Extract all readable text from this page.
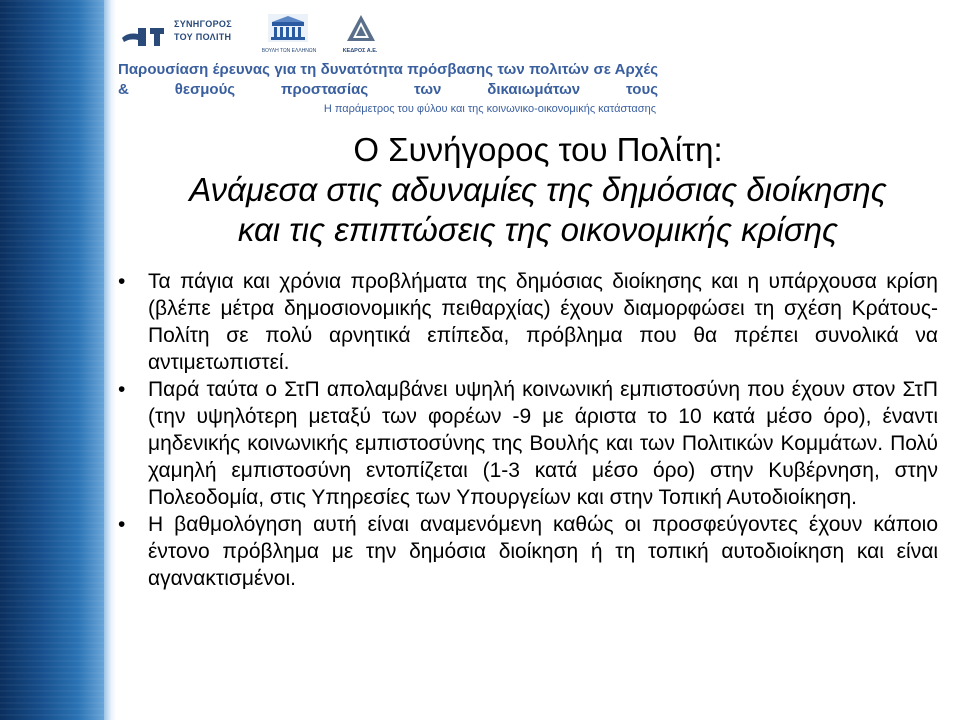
ΣΥΝΗΓΟΡΟΣ
ΤΟΥ ΠΟΛΙΤΗ
ΒΟΥΛΗ ΤΩΝ ΕΛΛΗΝΩΝ	ΚΕΔΡΟΣ Α.Ε.
Παρουσίαση έρευνας για τη δυνατότητα πρόσβασης των πολιτών σε Αρχές & θεσμούς προστασίας των δικαιωμάτων τους
Η παράμετρος του φύλου και της κοινωνικο-οικονομικής κατάστασης
Ο Συνήγορος του Πολίτη:
Ανάμεσα στις αδυναμίες της δημόσιας διοίκησης
και τις επιπτώσεις της οικονομικής κρίσης
• Τα πάγια και χρόνια προβλήματα της δημόσιας διοίκησης και η υπάρχουσα κρίση (βλέπε μέτρα δημοσιονομικής πειθαρχίας) έχουν διαμορφώσει τη σχέση Κράτους-Πολίτη σε πολύ αρνητικά επίπεδα, πρόβλημα που θα πρέπει συνολικά να αντιμετωπιστεί.
• Παρά ταύτα ο ΣτΠ απολαμβάνει υψηλή κοινωνική εμπιστοσύνη που έχουν στον ΣτΠ (την υψηλότερη μεταξύ των φορέων -9 με άριστα το 10 κατά μέσο όρο), έναντι μηδενικής κοινωνικής εμπιστοσύνης της Βουλής και των Πολιτικών Κομμάτων. Πολύ χαμηλή εμπιστοσύνη εντοπίζεται (1-3 κατά μέσο όρο) στην Κυβέρνηση, στην Πολεοδομία, στις Υπηρεσίες των Υπουργείων και στην Τοπική Αυτοδιοίκηση.
• Η βαθμολόγηση αυτή είναι αναμενόμενη καθώς οι προσφεύγοντες έχουν κάποιο έντονο πρόβλημα με την δημόσια διοίκηση ή τη τοπική αυτοδιοίκηση και είναι αγανακτισμένοι.
